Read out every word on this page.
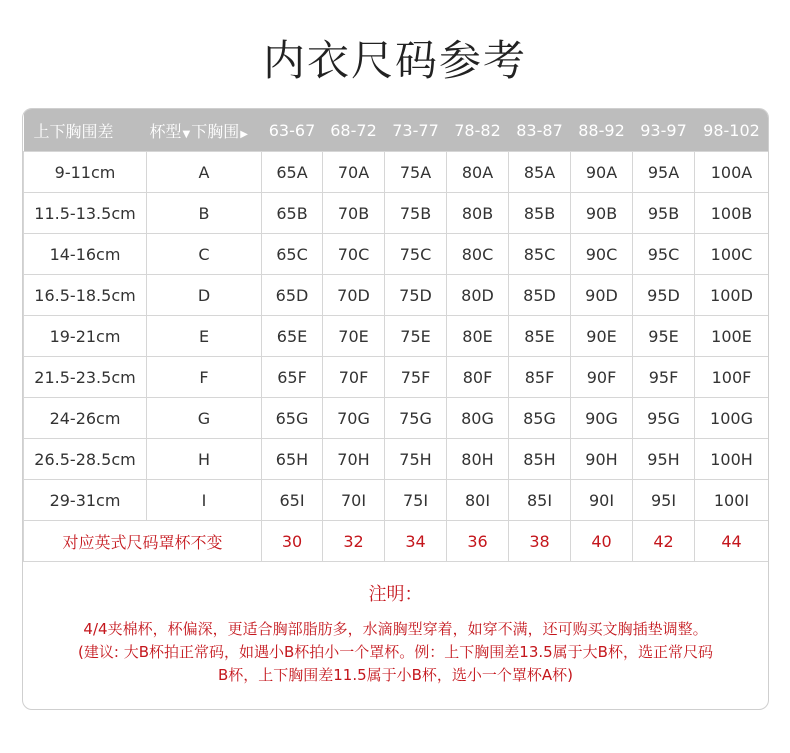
内衣尺码参考
上下胸围差	杯型▼下胸围▶	63-67	68-72	73-77	78-82	83-87	88-92	93-97	98-102
9-11cm	A	65A	70A	75A	80A	85A	90A	95A	100A
11.5-13.5cm	B	65B	70B	75B	80B	85B	90B	95B	100B
14-16cm	C	65C	70C	75C	80C	85C	90C	95C	100C
16.5-18.5cm	D	65D	70D	75D	80D	85D	90D	95D	100D
19-21cm	E	65E	70E	75E	80E	85E	90E	95E	100E
21.5-23.5cm	F	65F	70F	75F	80F	85F	90F	95F	100F
24-26cm	G	65G	70G	75G	80G	85G	90G	95G	100G
26.5-28.5cm	H	65H	70H	75H	80H	85H	90H	95H	100H
29-31cm	I	65I	70I	75I	80I	85I	90I	95I	100I
对应英式尺码罩杯不变		30	32	34	36	38	40	42	44
注明：
4/4夹棉杯，杯偏深，更适合胸部脂肪多，水滴胸型穿着，如穿不满，还可购买文胸插垫调整。
(建议: 大B杯拍正常码，如遇小B杯拍小一个罩杯。例：上下胸围差13.5属于大B杯，选正常尺码
B杯，上下胸围差11.5属于小B杯，选小一个罩杯A杯)
